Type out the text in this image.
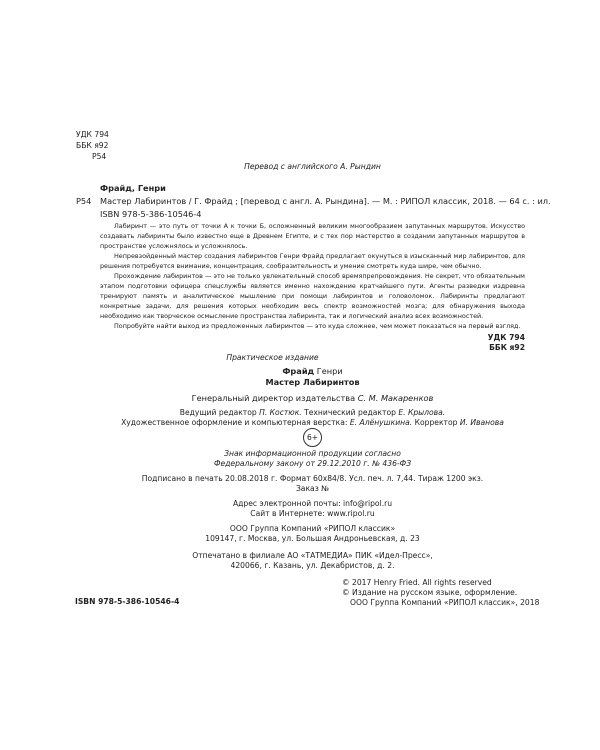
УДК 794
ББК я92
Р54
Перевод с английского А. Рындин
Фрайд, Генри
Р54 Мастер Лабиринтов / Г. Фрайд ; [перевод с англ. А. Рындина]. — М. : РИПОЛ классик, 2018. — 64 с. : ил.
ISBN 978-5-386-10546-4

Лабиринт — это путь от точки А к точки Б, осложненный великим многообразием запутанных маршрутов. Искусство создавать лабиринты было известно еще в Древнем Египте, и с тех пор мастерство в создании запутанных маршрутов в пространстве усложнялось и усложнялось.

Непревзойденный мастер создания лабиринтов Генри Фрайд предлагает окунуться в изысканный мир лабиринтов, для решения потребуется внимание, концентрация, сообразительность и умение смотреть куда шире, чем обычно.

Прохождение лабиринтов — это не только увлекательный способ времяпрепровождения. Не секрет, что обязательным этапом подготовки офицера спецслужбы является именно нахождение кратчайшего пути. Агенты разведки издревна тренируют память и аналитическое мышление при помощи лабиринтов и головоломок. Лабиринты предлагают конкретные задачи, для решения которых необходим весь спектр возможностей мозга; для обнаружения выхода необходимо как творческое осмысление пространства лабиринта, так и логический анализ всех возможностей.

Попробуйте найти выход из предложенных лабиринтов — это куда сложнее, чем может показаться на первый взгляд.

УДК 794
ББК я92
Практическое издание
Фрайд Генри
Мастер Лабиринтов
Генеральный директор издательства С. М. Макаренков
Ведущий редактор П. Костюк. Технический редактор Е. Крылова.
Художественное оформление и компьютерная верстка: Е. Алёнушкина. Корректор И. Иванова
6+
Знак информационной продукции согласно
Федеральному закону от 29.12.2010 г. № 436-ФЗ
Подписано в печать 20.08.2018 г. Формат 60x84/8. Усл. печ. л. 7,44. Тираж 1200 экз.
Заказ №
Адрес электронной почты: info@ripol.ru
Сайт в Интернете: www.ripol.ru
ООО Группа Компаний «РИПОЛ классик»
109147, г. Москва, ул. Большая Андроньевская, д. 23
Отпечатано в филиале АО «ТАТМЕДИА» ПИК «Идел-Пресс»,
420066, г. Казань, ул. Декабристов, д. 2.
© 2017 Henry Fried. All rights reserved
© Издание на русском языке, оформление.
ООО Группа Компаний «РИПОЛ классик», 2018
ISBN 978-5-386-10546-4
